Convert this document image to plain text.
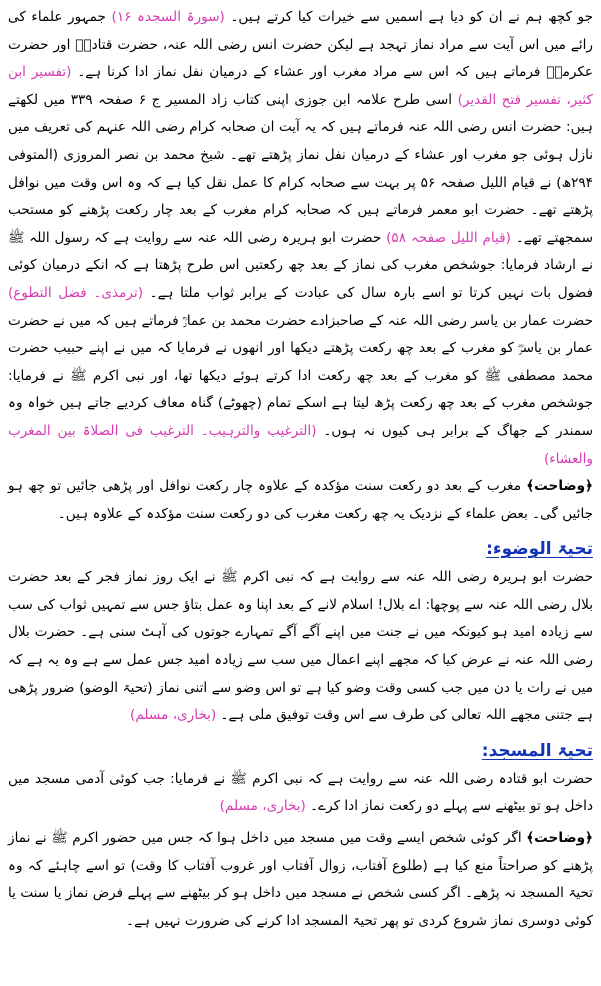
جو کچھ ہم نے ان کو دیا ہے اسمیں سے خیرات کیا کرتے ہیں۔ (سورۃ السجدہ ۱۶) جمہور علماء کی رائے میں اس آیت سے مراد نماز تہجد ہے لیکن حضرت انس رضی اللہ عنہ، حضرت قتادہؒ اور حضرت عکرمہؒ فرماتے ہیں کہ اس سے مراد مغرب اور عشاء کے درمیان نفل نماز ادا کرنا ہے۔ (تفسیر ابن کثیر، تفسیر فتح القدیر) اسی طرح علامہ ابن جوزی اپنی کتاب زاد المسیر ج ۶ صفحہ ۳۳۹ میں لکھتے ہیں: حضرت انس رضی اللہ عنہ فرماتے ہیں کہ یہ آیت ان صحابہ کرام رضی اللہ عنہم کی تعریف میں نازل ہوئی جو مغرب اور عشاء کے درمیان نفل نماز پڑھتے تھے۔ شیخ محمد بن نصر المروزی (المتوفی ۲۹۴ھ) نے قیام اللیل صفحہ ۵۶ پر بہت سے صحابہ کرام کا عمل نقل کیا ہے کہ وہ اس وقت میں نوافل پڑھتے تھے۔ حضرت ابو معمر فرماتے ہیں کہ صحابہ کرام مغرب کے بعد چار رکعت پڑھنے کو مستحب سمجھتے تھے۔ (قیام اللیل صفحہ ۵۸) حضرت ابو ہریرہ رضی اللہ عنہ سے روایت ہے کہ رسول اللہ ﷺ نے ارشاد فرمایا: جوشخص مغرب کی نماز کے بعد چھ رکعتیں اس طرح پڑھتا ہے کہ انکے درمیان کوئی فضول بات نہیں کرتا تو اسے بارہ سال کی عبادت کے برابر ثواب ملتا ہے۔ (ترمذی۔ فضل التطوع) حضرت عمار بن یاسر رضی اللہ عنہ کے صاحبزادے حضرت محمد بن عمارؒ فرماتے ہیں کہ میں نے حضرت عمار بن یاسرؓ کو مغرب کے بعد چھ رکعت پڑھتے دیکھا اور انھوں نے فرمایا کہ میں نے اپنے حبیب حضرت محمد مصطفی ﷺ کو مغرب کے بعد چھ رکعت ادا کرتے ہوئے دیکھا تھا، اور نبی اکرم ﷺ نے فرمایا: جوشخص مغرب کے بعد چھ رکعت پڑھ لیتا ہے اسکے تمام (چھوٹے) گناہ معاف کردیے جاتے ہیں خواہ وہ سمندر کے جھاگ کے برابر ہی کیوں نہ ہوں۔ (الترغیب والترہیب۔ الترغیب فی الصلاۃ بین المغرب والعشاء)

﴿وضاحت﴾ مغرب کے بعد دو رکعت سنت مؤکدہ کے علاوہ چار رکعت نوافل اور پڑھی جائیں تو چھ ہو جائیں گی۔ بعض علماء کے نزدیک یہ چھ رکعت مغرب کی دو رکعت سنت مؤکدہ کے علاوہ ہیں۔

تحیۃ الوضوء:

حضرت ابو ہریرہ رضی اللہ عنہ سے روایت ہے کہ نبی اکرم ﷺ نے ایک روز نماز فجر کے بعد حضرت بلال رضی اللہ عنہ سے پوچھا: اے بلال! اسلام لانے کے بعد اپنا وہ عمل بتاؤ جس سے تمہیں ثواب کی سب سے زیادہ امید ہو کیونکہ میں نے جنت میں اپنے آگے آگے تمہارے جوتوں کی آہٹ سنی ہے۔ حضرت بلال رضی اللہ عنہ نے عرض کیا کہ مجھے اپنے اعمال میں سب سے زیادہ امید جس عمل سے ہے وہ یہ ہے کہ میں نے رات یا دن میں جب کسی وقت وضو کیا ہے تو اس وضو سے اتنی نماز (تحیۃ الوضو) ضرور پڑھی ہے جتنی مجھے اللہ تعالی کی طرف سے اس وقت توفیق ملی ہے۔ (بخاری، مسلم)

تحیۃ المسجد:

حضرت ابو قتادہ رضی اللہ عنہ سے روایت ہے کہ نبی اکرم ﷺ نے فرمایا: جب کوئی آدمی مسجد میں داخل ہو تو بیٹھنے سے پہلے دو رکعت نماز ادا کرے۔ (بخاری، مسلم)

﴿وضاحت﴾ اگر کوئی شخص ایسے وقت میں مسجد میں داخل ہوا کہ جس میں حضور اکرم ﷺ نے نماز پڑھنے کو صراحتاً منع کیا ہے (طلوع آفتاب، زوال آفتاب اور غروب آفتاب کا وقت) تو اسے چاہئے کہ وہ تحیۃ المسجد نہ پڑھے۔ اگر کسی شخص نے مسجد میں داخل ہو کر بیٹھنے سے پہلے فرض نماز یا سنت یا کوئی دوسری نماز شروع کردی تو پھر تحیۃ المسجد ادا کرنے کی ضرورت نہیں ہے۔
